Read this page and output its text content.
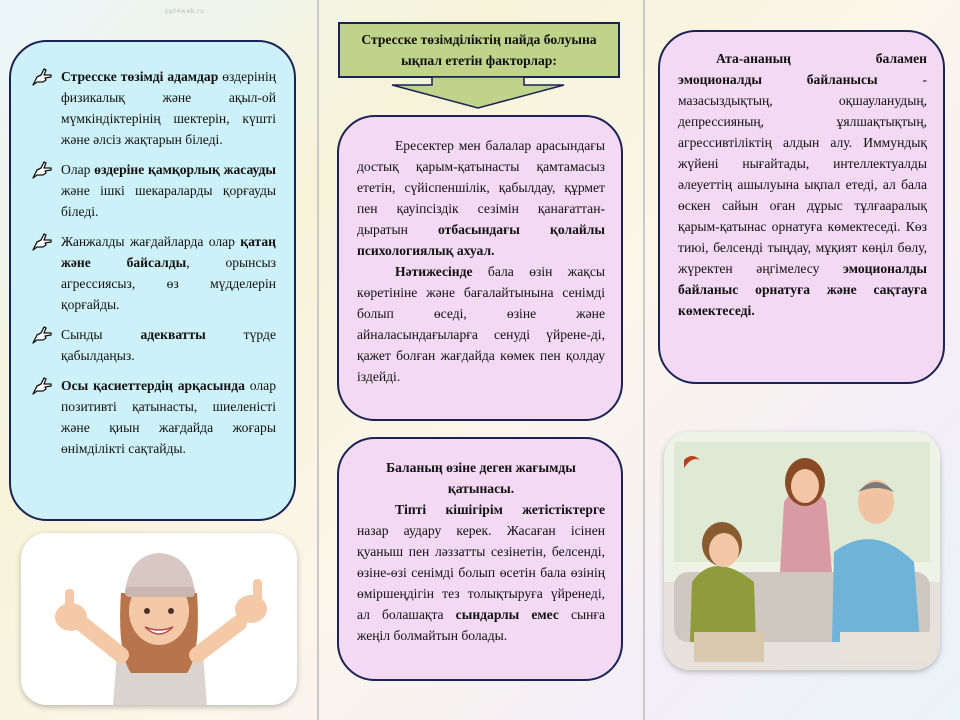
ppt4web.ru
Стресске төзімді адамдар өздерінің физикалық және ақыл-ой мүмкіндіктерінің шектерін, күшті және әлсіз жақтарын біледі.
Олар өздеріне қамқорлық жасауды және ішкі шекараларды қорғауды біледі.
Жанжалды жағдайларда олар қатаң және байсалды, орынсыз агрессиясыз, өз мүдделерін қорғайды.
Сынды адекватты түрде қабылдаңыз.
Осы қасиеттердің арқасында олар позитивті қатынасты, шиеленісті және қиын жағдайда жоғары өнімділікті сақтайды.
Стресске төзімділіктің пайда болуына ықпал ететін факторлар:

Ересектер мен балалар арасындағы достық қарым-қатынасты қамтамасыз ететін, сүйіспеншілік, қабылдау, құрмет пен қауіпсіздік сезімін қанағаттан-дыратын отбасындағы қолайлы психологиялық ахуал.

Нәтижесінде бала өзін жақсы көретініне және бағалайтынына сенімді болып өседі, өзіне және айналасындағыларға сенуді үйрене-ді, қажет болған жағдайда көмек пен қолдау іздейді.

Баланың өзіне деген жағымды қатынасы.

Тіпті кішігірім жетістіктерге назар аудару керек. Жасаған ісінен қуаныш пен ләззатты сезінетін, белсенді, өзіне-өзі сенімді болып өсетін бала өзінің өміршеңдігін тез толықтыруға үйренеді, ал болашақта сындарлы емес сынға жеңіл болмайтын болады.

Ата-ананың баламен эмоционалды байланысы - мазасыздықтың, оқшауланудың, депрессияның, ұялшақтықтың, агрессивтіліктің алдын алу. Иммундық жүйені нығайтады, интеллектуалды әлеуеттің ашылуына ықпал етеді, ал бала өскен сайын оған дұрыс тұлғааралық қарым-қатынас орнатуға көмектеседі. Көз тиюі, белсенді тыңдау, мұқият көңіл бөлу, жүректен әңгімелесу эмоционалды байланыс орнатуға және сақтауға көмектеседі.
